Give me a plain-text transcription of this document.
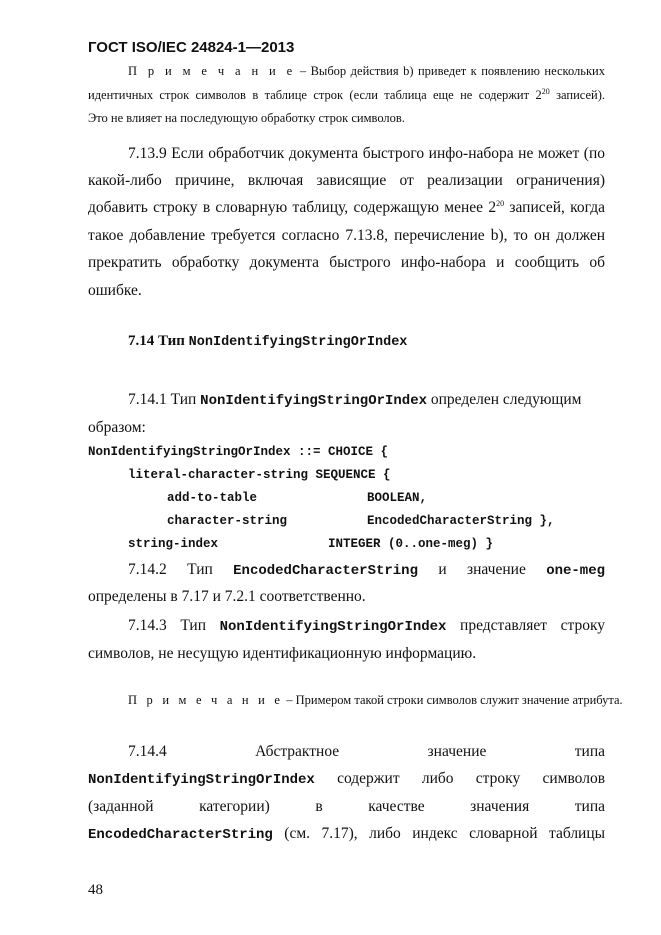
ГОСТ ISO/IEC 24824-1—2013
П р и м е ч а н и е – Выбор действия b) приведет к появлению нескольких
идентичных строк символов в таблице строк (если таблица еще не содержит $2^{20}$ записей).
Это не влияет на последующую обработку строк символов.
7.13.9 Если обработчик документа быстрого инфо-набора не может (по
какой-либо причине, включая зависящие от реализации ограничения)
добавить строку в словарную таблицу, содержащую менее $2^{20}$ записей, когда
такое добавление требуется согласно 7.13.8, перечисление b), то он должен
прекратить обработку документа быстрого инфо-набора и сообщить об
ошибке.
7.14 Тип NonIdentifyingStringOrIndex
7.14.1 Тип NonIdentifyingStringOrIndex определен следующим
образом:
NonIdentifyingStringOrIndex ::= CHOICE {
literal-character-string SEQUENCE {
add-to-table	BOOLEAN,
character-string	EncodedCharacterString },
string-index	INTEGER (0..one-meg) }
7.14.2 Тип EncodedCharacterString и значение one-meg
определены в 7.17 и 7.2.1 соответственно.
7.14.3 Тип NonIdentifyingStringOrIndex представляет строку
символов, не несущую идентификационную информацию.
П р и м е ч а н и е – Примером такой строки символов служит значение атрибута.
7.14.4	Абстрактное	значение	типа
NonIdentifyingStringOrIndex содержит либо строку символов
(заданной	категории)	в	качестве	значения	типа
EncodedCharacterString (см. 7.17), либо индекс словарной таблицы
48
